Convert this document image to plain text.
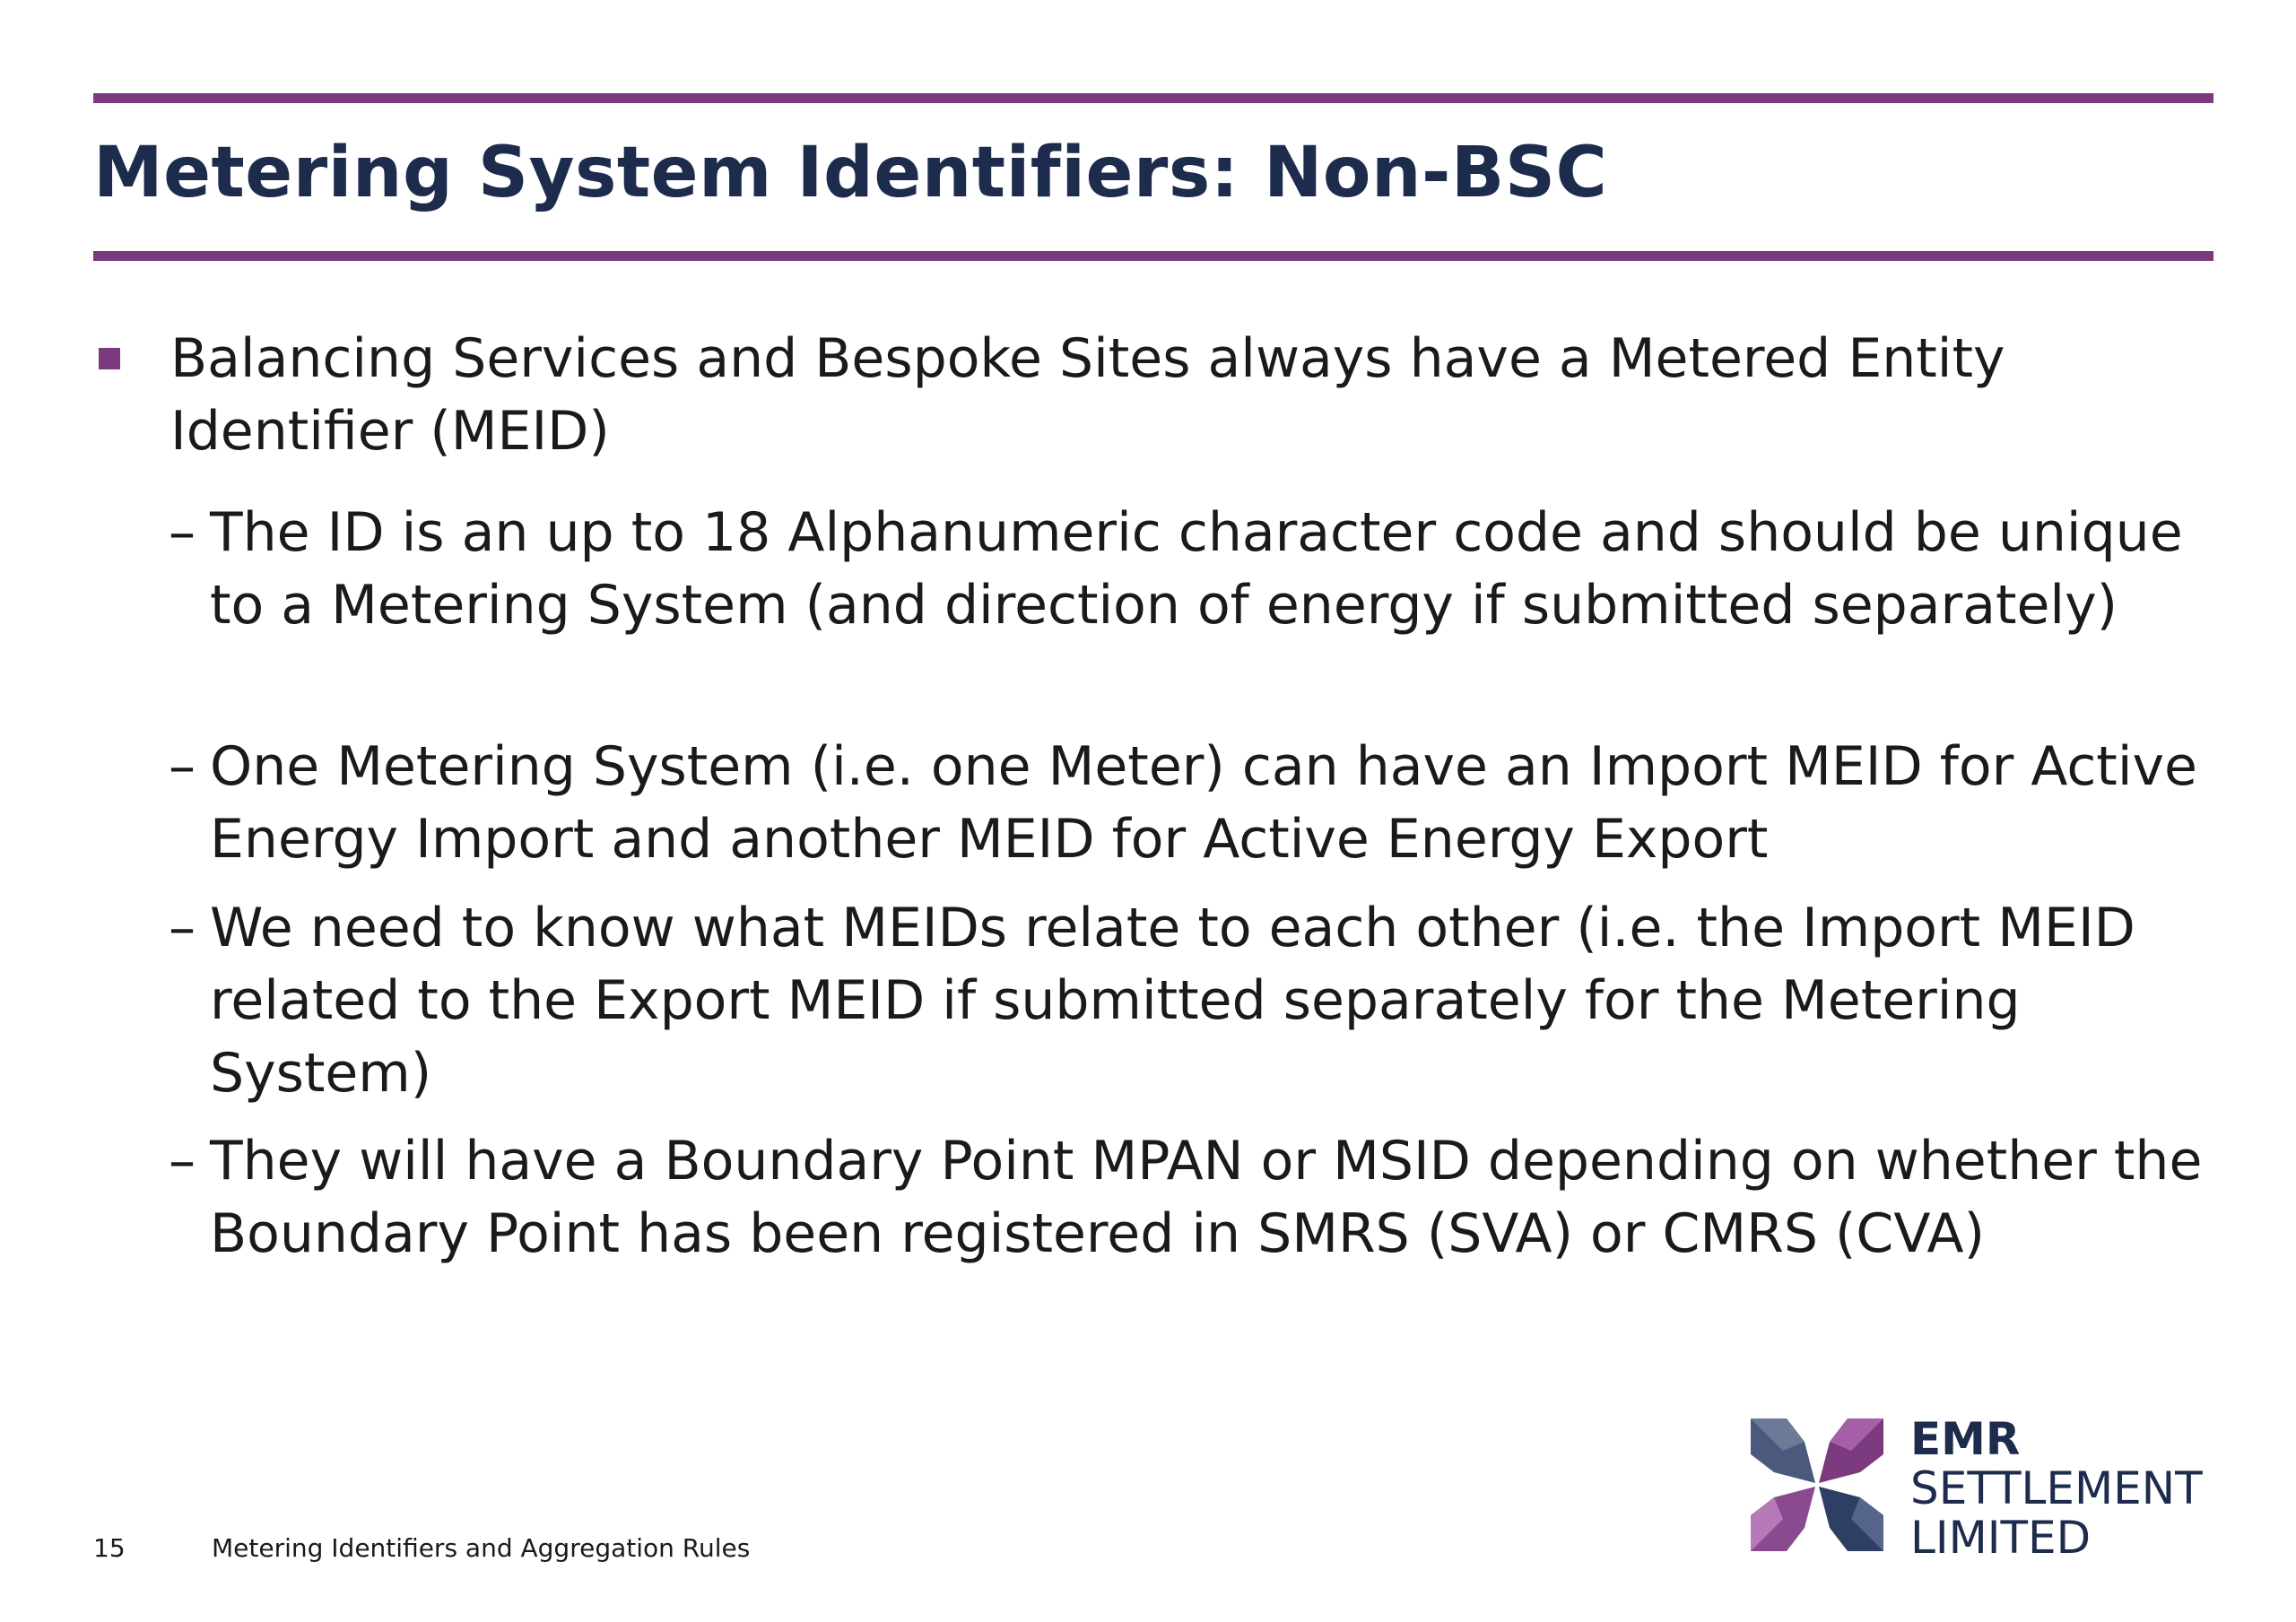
Metering System Identifiers: Non-BSC
Balancing Services and Bespoke Sites always have a Metered Entity Identifier (MEID)
– The ID is an up to 18 Alphanumeric character code and should be unique to a Metering System (and direction of energy if submitted separately)
– One Metering System (i.e. one Meter) can have an Import MEID for Active Energy Import and another MEID for Active Energy Export
– We need to know what MEIDs relate to each other (i.e. the Import MEID related to the Export MEID if submitted separately for the Metering System)
– They will have a Boundary Point MPAN or MSID depending on whether the Boundary Point has been registered in SMRS (SVA) or CMRS (CVA)
15	Metering Identifiers and Aggregation Rules
EMR
SETTLEMENT
LIMITED
